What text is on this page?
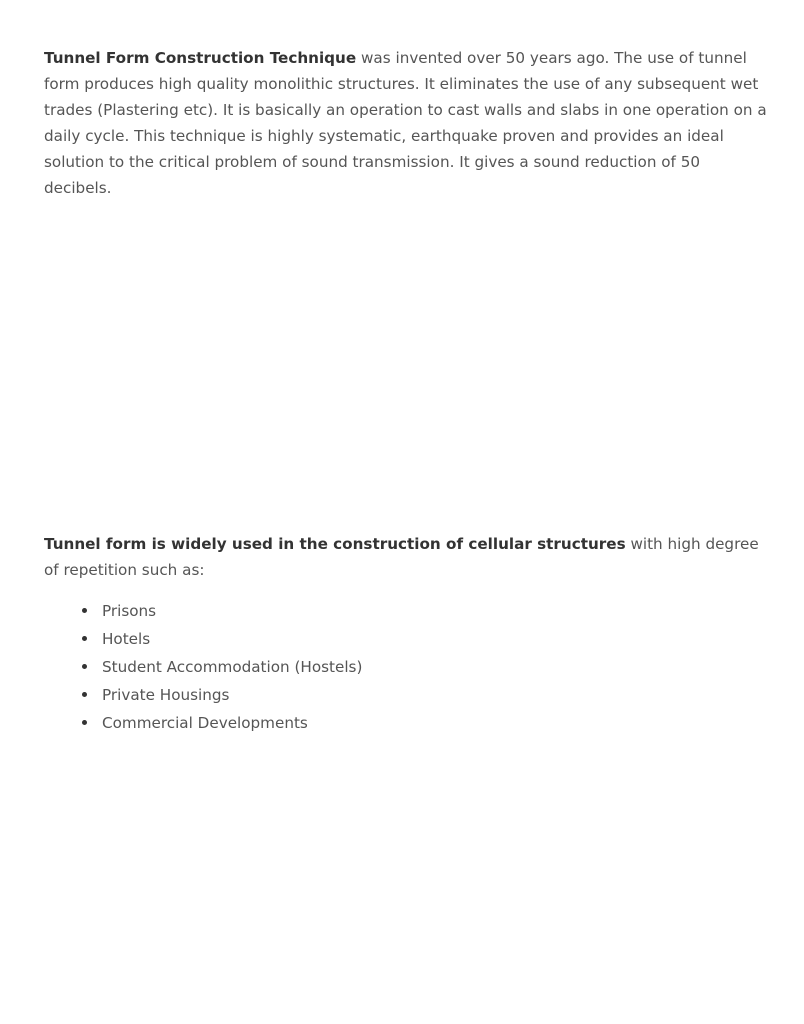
Tunnel Form Construction Technique was invented over 50 years ago. The use of tunnel
form produces high quality monolithic structures. It eliminates the use of any subsequent wet
trades (Plastering etc). It is basically an operation to cast walls and slabs in one operation on a
daily cycle. This technique is highly systematic, earthquake proven and provides an ideal
solution to the critical problem of sound transmission. It gives a sound reduction of 50
decibels.

Tunnel form is widely used in the construction of cellular structures with high degree
of repetition such as:

Prisons
Hotels
Student Accommodation (Hostels)
Private Housings
Commercial Developments
